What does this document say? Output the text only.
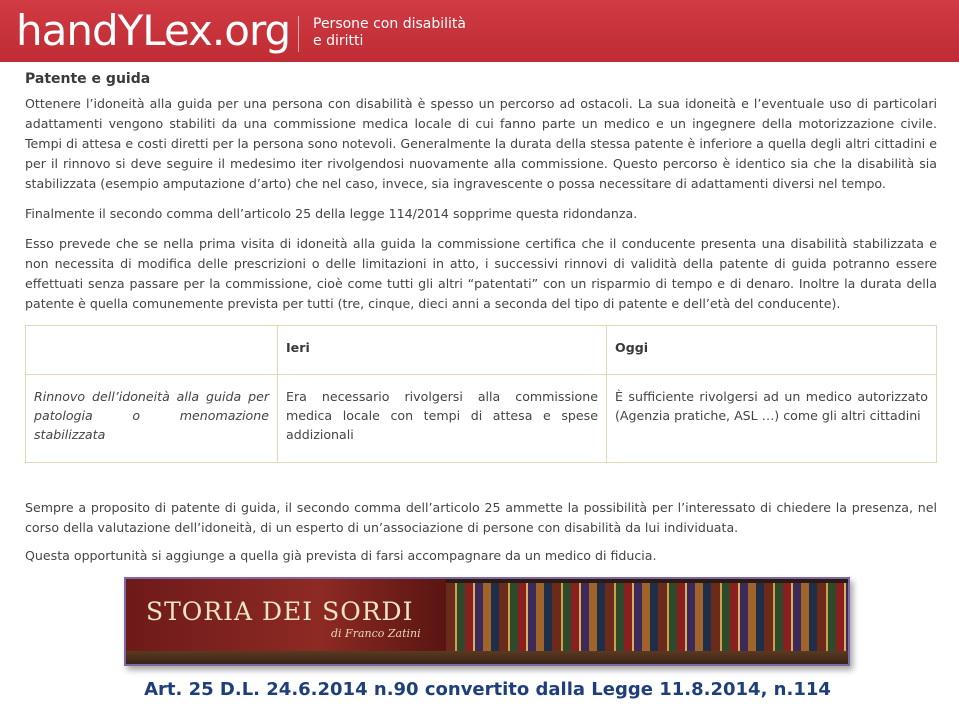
handYLex.org Persone con disabilità
e diritti
Patente e guida

Ottenere l’idoneità alla guida per una persona con disabilità è spesso un percorso ad ostacoli. La sua idoneità e l’eventuale uso di particolari adattamenti vengono stabiliti da una commissione medica locale di cui fanno parte un medico e un ingegnere della motorizzazione civile. Tempi di attesa e costi diretti per la persona sono notevoli. Generalmente la durata della stessa patente è inferiore a quella degli altri cittadini e per il rinnovo si deve seguire il medesimo iter rivolgendosi nuovamente alla commissione. Questo percorso è identico sia che la disabilità sia stabilizzata (esempio amputazione d’arto) che nel caso, invece, sia ingravescente o possa necessitare di adattamenti diversi nel tempo.

Finalmente il secondo comma dell’articolo 25 della legge 114/2014 sopprime questa ridondanza.

Esso prevede che se nella prima visita di idoneità alla guida la commissione certifica che il conducente presenta una disabilità stabilizzata e non necessita di modifica delle prescrizioni o delle limitazioni in atto, i successivi rinnovi di validità della patente di guida potranno essere effettuati senza passare per la commissione, cioè come tutti gli altri “patentati” con un risparmio di tempo e di denaro. Inoltre la durata della patente è quella comunemente prevista per tutti (tre, cinque, dieci anni a seconda del tipo di patente e dell’età del conducente).

	Ieri	Oggi
Rinnovo dell’idoneità alla guida per patologia o menomazione stabilizzata	Era necessario rivolgersi alla commissione medica locale con tempi di attesa e spese addizionali	È sufficiente rivolgersi ad un medico autorizzato (Agenzia pratiche, ASL …) come gli altri cittadini

Sempre a proposito di patente di guida, il secondo comma dell’articolo 25 ammette la possibilità per l’interessato di chiedere la presenza, nel corso della valutazione dell’idoneità, di un esperto di un’associazione di persone con disabilità da lui individuata.

Questa opportunità si aggiunge a quella già prevista di farsi accompagnare da un medico di fiducia.

STORIA DEI SORDI
di Franco Zatini
Art. 25 D.L. 24.6.2014 n.90 convertito dalla Legge 11.8.2014, n.114
